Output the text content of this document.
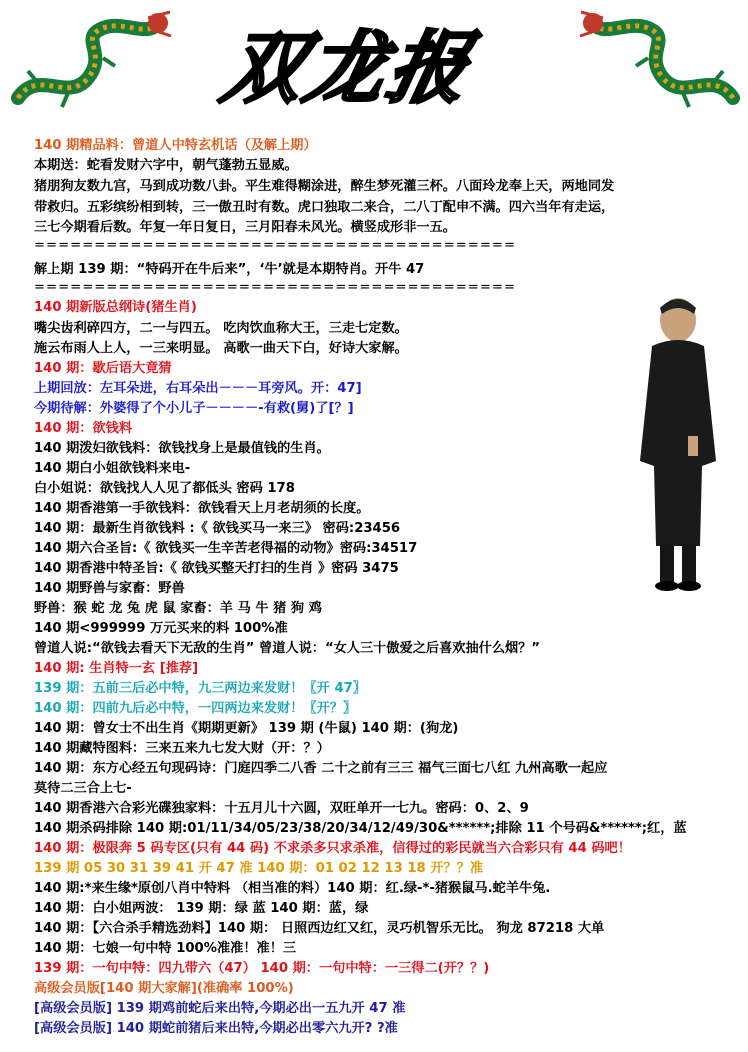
双龙报
140 期精品料：曾道人中特玄机话（及解上期）
本期送：蛇看发财六字中，朝气蓬勃五显威。
猪朋狗友数九宫，马到成功数八卦。平生难得糊涂进，醉生梦死灌三杯。八面玲龙奉上天，两地同发
带救归。五彩缤纷相到转，三一傲丑时有数。虎口独取二来合，二八丁配申不满。四六当年有走运，
三七今期看后数。年复一年日复日，三月阳春未风光。横竖成形非一五。
========================================
解上期 139 期：“特码开在牛后来”，‘牛’就是本期特肖。开牛 47
========================================
140 期新版总纲诗(猪生肖)
嘴尖齿利碎四方，二一与四五。 吃肉饮血称大王，三走七定数。
施云布雨人上人，一三来明显。 高歌一曲天下白，好诗大家解。
140 期：歇后语大竟猜
上期回放：左耳朵进，右耳朵出－－－耳旁风。开：47]
今期待解：外婆得了个小儿子－－－－-有救(舅)了[？]
140 期：欲钱料
140 期泼妇欲钱料：欲钱找身上是最值钱的生肖。
140 期白小姐欲钱料来电-
白小姐说：欲钱找人人见了都低头 密码 178
140 期香港第一手欲钱料：欲钱看天上月老胡须的长度。
140 期：最新生肖欲钱料 :《 欲钱买马一来三》 密码:23456
140 期六合圣旨:《 欲钱买一生辛苦老得福的动物》密码:34517
140 期香港中特圣旨:《 欲钱买整天打扫的生肖 》密码 3475
140 期野兽与家畜：野兽
野兽：猴 蛇 龙 兔 虎 鼠 家畜：羊 马 牛 猪 狗 鸡
140 期<999999 万元买来的料 100%准
曾道人说:“欲钱去看天下无敌的生肖” 曾道人说：“女人三十傲爱之后喜欢抽什么烟？”
140 期: 生肖特一玄 [推荐]
139 期：五前三后必中特，九三两边来发财！〖开 47〗
140 期：四前九后必中特，一四两边来发财！〖开？〗
140 期：曾女士不出生肖《期期更新》 139 期 (牛鼠) 140 期：(狗龙)
140 期藏特图料：三来五来九七发大财（开：？）
140 期：东方心经五句现码诗：门庭四季二八香 二十之前有三三 福气三面七八红 九州高歌一起应
莫待二三合上七-
140 期香港六合彩光碟独家料：十五月儿十六圆，双旺单开一七九。密码：0、2、9
140 期杀码排除 140 期:01/11/34/05/23/38/20/34/12/49/30&******;排除 11 个号码&******;红，蓝
140 期：极限奔 5 码专区(只有 44 码) 不求杀多只求杀准，信得过的彩民就当六合彩只有 44 码吧！
139 期 05 30 31 39 41 开 47 准 140 期：01 02 12 13 18 开？？准
140 期:*来生缘*原创八肖中特料 （相当准的料）140 期：红.绿-*-猪猴鼠马.蛇羊牛兔.
140 期：白小姐两波： 139 期：绿 蓝 140 期：蓝，绿
140 期：【六合杀手精选劲料】140 期： 日照西边红又红，灵巧机智乐无比。 狗龙 87218 大单
140 期：七娘一句中特 100%准准！准！三
139 期：一句中特：四九带六（47） 140 期：一句中特：一三得二(开？？)
高级会员版[140 期大家解](准确率 100%)
[高级会员版] 139 期鸡前蛇后来出特,今期必出一五九开 47 准
[高级会员版] 140 期蛇前猪后来出特,今期必出零六九开? ?准
